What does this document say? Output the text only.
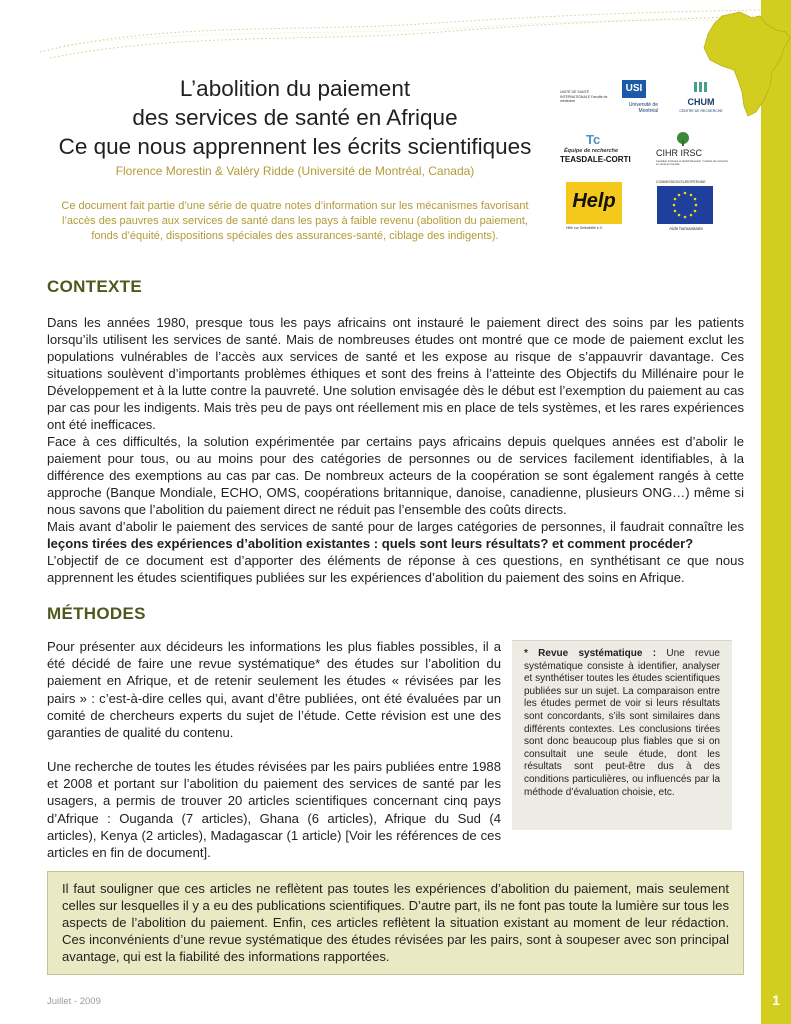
L’abolition du paiement
des services de santé en Afrique
Ce que nous apprennent les écrits scientifiques
Florence Morestin & Valéry Ridde (Université de Montréal, Canada)
Ce document fait partie d’une série de quatre notes d’information sur les mécanismes favorisant l’accès des pauvres aux services de santé dans les pays à faible revenu (abolition du paiement, fonds d’équité, dispositions spéciales des assurances-santé, ciblage des indigents).
UNITÉ DE SANTÉ INTERNATIONALE Faculté de médecine
USI
Université de Montréal
CHUM
CENTRE DE RECHERCHE
Tc
Équipe de recherche
TEASDALE-CORTI
CIHR IRSC
Canadian Institutes of Health Research / Instituts de recherche en santé du Canada
Help
Hilfe zur Selbsthilfe e.V.
COMMISSION EUROPÉENNE
Aide humanitaire
CONTEXTE

Dans les années 1980, presque tous les pays africains ont instauré le paiement direct des soins par les patients lorsqu’ils utilisent les services de santé. Mais de nombreuses études ont montré que ce mode de paiement exclut les populations vulnérables de l’accès aux services de santé et les expose au risque de s’appauvrir davantage. Ces situations soulèvent d’importants problèmes éthiques et sont des freins à l’atteinte des Objectifs du Millénaire pour le Développement et à la lutte contre la pauvreté. Une solution envisagée dès le début est l’exemption du paiement au cas par cas pour les indigents. Mais très peu de pays ont réellement mis en place de tels systèmes, et les rares expériences ont été inefficaces.

Face à ces difficultés, la solution expérimentée par certains pays africains depuis quelques années est d’abolir le paiement pour tous, ou au moins pour des catégories de personnes ou de services facilement identifiables, à la différence des exemptions au cas par cas. De nombreux acteurs de la coopération se sont également rangés à cette approche (Banque Mondiale, ECHO, OMS, coopérations britannique, danoise, canadienne, plusieurs ONG…) même si nous savons que l’abolition du paiement direct ne réduit pas l’ensemble des coûts directs.

Mais avant d’abolir le paiement des services de santé pour de larges catégories de personnes, il faudrait connaître les leçons tirées des expériences d’abolition existantes : quels sont leurs résultats? et comment procéder?

L’objectif de ce document est d’apporter des éléments de réponse à ces questions, en synthétisant ce que nous apprennent les études scientifiques publiées sur les expériences d’abolition du paiement des soins en Afrique.

MÉTHODES
Pour présenter aux décideurs les informations les plus fiables possibles, il a été décidé de faire une revue systématique* des études sur l’abolition du paiement en Afrique, et de retenir seulement les études « révisées par les pairs » : c’est-à-dire celles qui, avant d’être publiées, ont été évaluées par un comité de chercheurs experts du sujet de l’étude. Cette révision est une des garanties de qualité du contenu.
Une recherche de toutes les études révisées par les pairs publiées entre 1988 et 2008 et portant sur l’abolition du paiement des services de santé par les usagers, a permis de trouver 20 articles scientifiques concernant cinq pays d’Afrique : Ouganda (7 articles), Ghana (6 articles), Afrique du Sud (4 articles), Kenya (2 articles), Madagascar (1 article) [Voir les références de ces articles en fin de document].
* Revue systématique : Une revue systématique consiste à identifier, analyser et synthétiser toutes les études scientifiques publiées sur un sujet. La comparaison entre les études permet de voir si leurs résultats sont concordants, s’ils sont similaires dans différents contextes. Les conclusions tirées sont donc beaucoup plus fiables que si on consultait une seule étude, dont les résultats sont peut-être dus à des conditions particulières, ou influencés par la méthode d’évaluation choisie, etc.
Il faut souligner que ces articles ne reflètent pas toutes les expériences d’abolition du paiement, mais seulement celles sur lesquelles il y a eu des publications scientifiques. D’autre part, ils ne font pas toute la lumière sur tous les aspects de l’abolition du paiement. Enfin, ces articles reflètent la situation existant au moment de leur rédaction. Ces inconvénients d’une revue systématique des études révisées par les pairs, sont à soupeser avec son principal avantage, qui est la fiabilité des informations rapportées.
Juillet - 2009	1
